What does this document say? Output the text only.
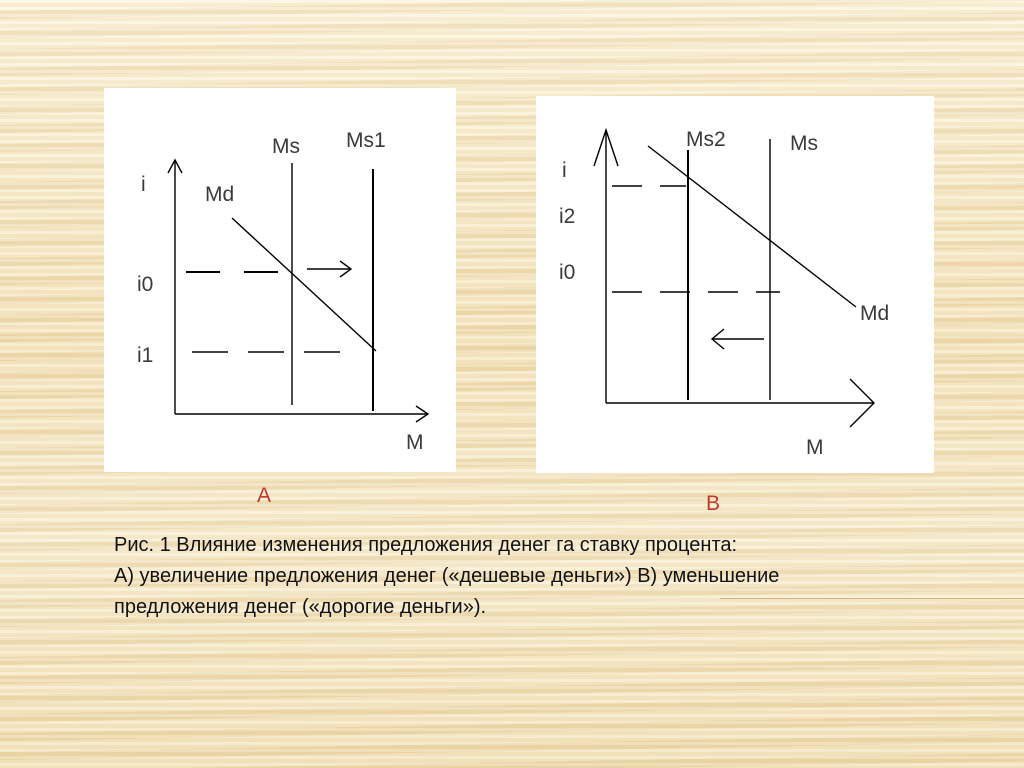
i	Md
Ms Ms1
i0
i1
M
i
i2
i0
Ms2	Ms
Md
M
А	В
Рис. 1 Влияние изменения предложения денег га ставку процента:
А) увеличение предложения денег («дешевые деньги») В) уменьшение
предложения денег («дорогие деньги»).
